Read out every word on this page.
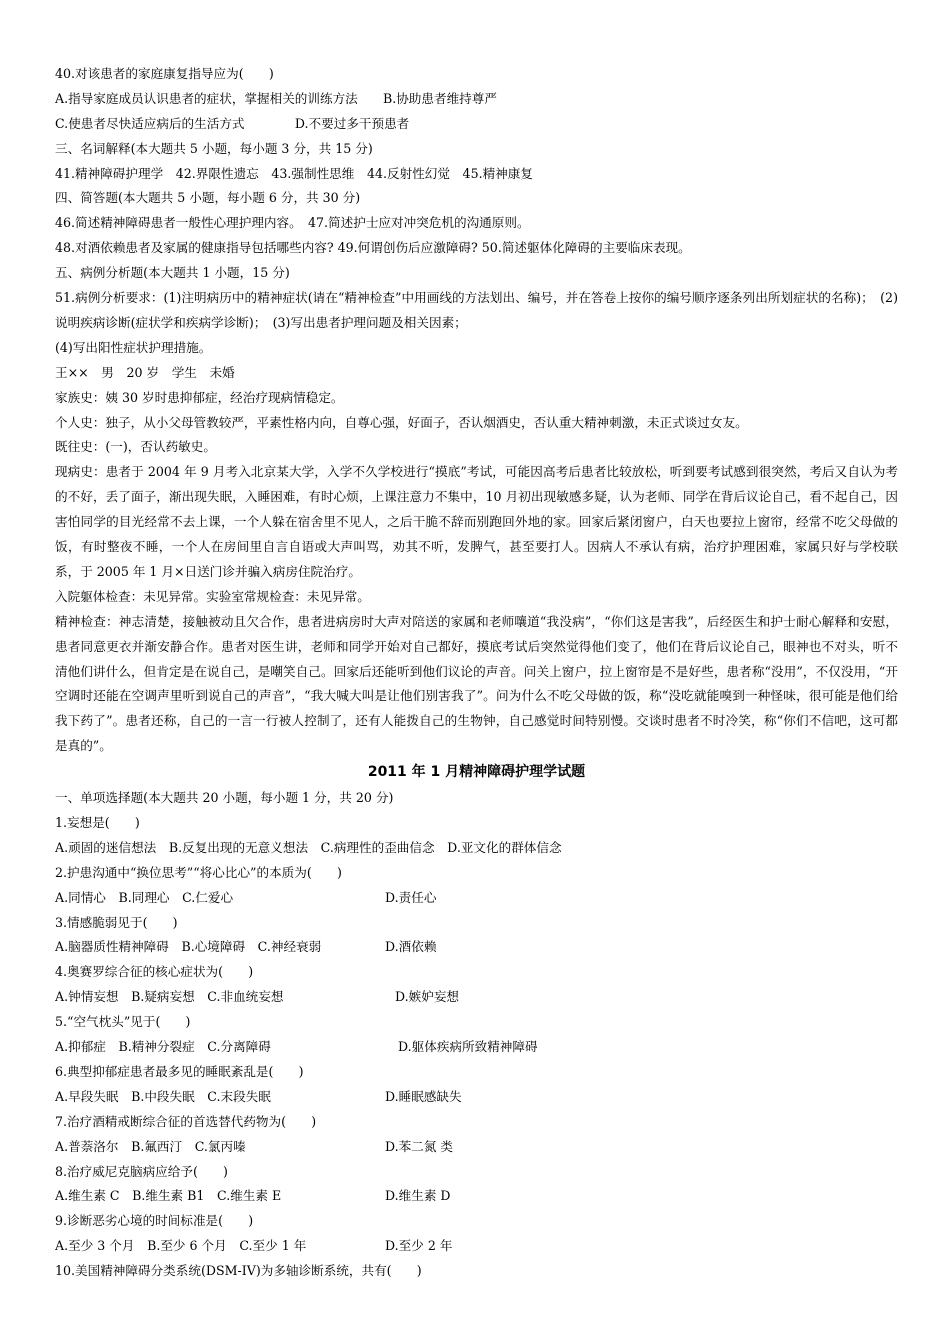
40.对该患者的家庭康复指导应为(　　)
A.指导家庭成员认识患者的症状，掌握相关的训练方法　　B.协助患者维持尊严
C.使患者尽快适应病后的生活方式　　　　D.不要过多干预患者
三、名词解释(本大题共 5 小题，每小题 3 分，共 15 分)
41.精神障碍护理学　42.界限性遗忘　43.强制性思维　44.反射性幻觉　45.精神康复
四、简答题(本大题共 5 小题，每小题 6 分，共 30 分)
46.简述精神障碍患者一般性心理护理内容。　47.简述护士应对冲突危机的沟通原则。
48.对酒依赖患者及家属的健康指导包括哪些内容? 49.何谓创伤后应激障碍? 50.简述躯体化障碍的主要临床表现。
五、病例分析题(本大题共 1 小题，15 分)
51.病例分析要求：(1)注明病历中的精神症状(请在“精神检查”中用画线的方法划出、编号，并在答卷上按你的编号顺序逐条列出所划症状的名称)；　(2)说明疾病诊断(症状学和疾病学诊断)；　(3)写出患者护理问题及相关因素；
(4)写出阳性症状护理措施。
王××　男　20 岁　学生　未婚
家族史：姨 30 岁时患抑郁症，经治疗现病情稳定。
个人史：独子，从小父母管教较严，平素性格内向，自尊心强，好面子，否认烟酒史，否认重大精神刺激，未正式谈过女友。
既往史：(一)，否认药敏史。
现病史：患者于 2004 年 9 月考入北京某大学，入学不久学校进行“摸底”考试，可能因高考后患者比较放松，听到要考试感到很突然，考后又自认为考的不好，丢了面子，渐出现失眠，入睡困难，有时心烦，上课注意力不集中，10 月初出现敏感多疑，认为老师、同学在背后议论自己，看不起自己，因害怕同学的目光经常不去上课，一个人躲在宿舍里不见人，之后干脆不辞而别跑回外地的家。回家后紧闭窗户，白天也要拉上窗帘，经常不吃父母做的饭，有时整夜不睡，一个人在房间里自言自语或大声叫骂，劝其不听，发脾气，甚至要打人。因病人不承认有病，治疗护理困难，家属只好与学校联系，于 2005 年 1 月×日送门诊并骗入病房住院治疗。
入院躯体检查：未见异常。实验室常规检查：未见异常。
精神检查：神志清楚，接触被动且欠合作，患者进病房时大声对陪送的家属和老师嚷道“我没病”，“你们这是害我”，后经医生和护士耐心解释和安慰，患者同意更衣并渐安静合作。患者对医生讲，老师和同学开始对自己都好，摸底考试后突然觉得他们变了，他们在背后议论自己，眼神也不对头，听不清他们讲什么，但肯定是在说自己，是嘲笑自己。回家后还能听到他们议论的声音。问关上窗户，拉上窗帘是不是好些，患者称“没用”，不仅没用，“开空调时还能在空调声里听到说自己的声音”，“我大喊大叫是让他们别害我了”。问为什么不吃父母做的饭，称“没吃就能嗅到一种怪味，很可能是他们给我下药了”。患者还称，自己的一言一行被人控制了，还有人能拨自己的生物钟，自己感觉时间特别慢。交谈时患者不时冷笑，称“你们不信吧，这可都是真的”。
2011 年 1 月精神障碍护理学试题
一、单项选择题(本大题共 20 小题，每小题 1 分，共 20 分)
1.妄想是(　　)
A.顽固的迷信想法　B.反复出现的无意义想法　C.病理性的歪曲信念　D.亚文化的群体信念
2.护患沟通中“换位思考”“将心比心”的本质为(　　)
A.同情心　B.同理心　C.仁爱心	D.责任心
3.情感脆弱见于(　　)
A.脑器质性精神障碍　B.心境障碍　C.神经衰弱	D.酒依赖
4.奥赛罗综合征的核心症状为(　　)
A.钟情妄想　B.疑病妄想　C.非血统妄想	D.嫉妒妄想
5.“空气枕头”见于(　　)
A.抑郁症　B.精神分裂症　C.分离障碍	D.躯体疾病所致精神障碍
6.典型抑郁症患者最多见的睡眠紊乱是(　　)
A.早段失眠　B.中段失眠　C.末段失眠	D.睡眠感缺失
7.治疗酒精戒断综合征的首选替代药物为(　　)
A.普萘洛尔　B.氟西汀　C.氯丙嗪	D.苯二氮 类
8.治疗威尼克脑病应给予(　　)
A.维生素 C　B.维生素 B1　C.维生素 E	D.维生素 D
9.诊断恶劣心境的时间标准是(　　)
A.至少 3 个月　B.至少 6 个月　C.至少 1 年	D.至少 2 年
10.美国精神障碍分类系统(DSM-IV)为多轴诊断系统，共有(　　)
